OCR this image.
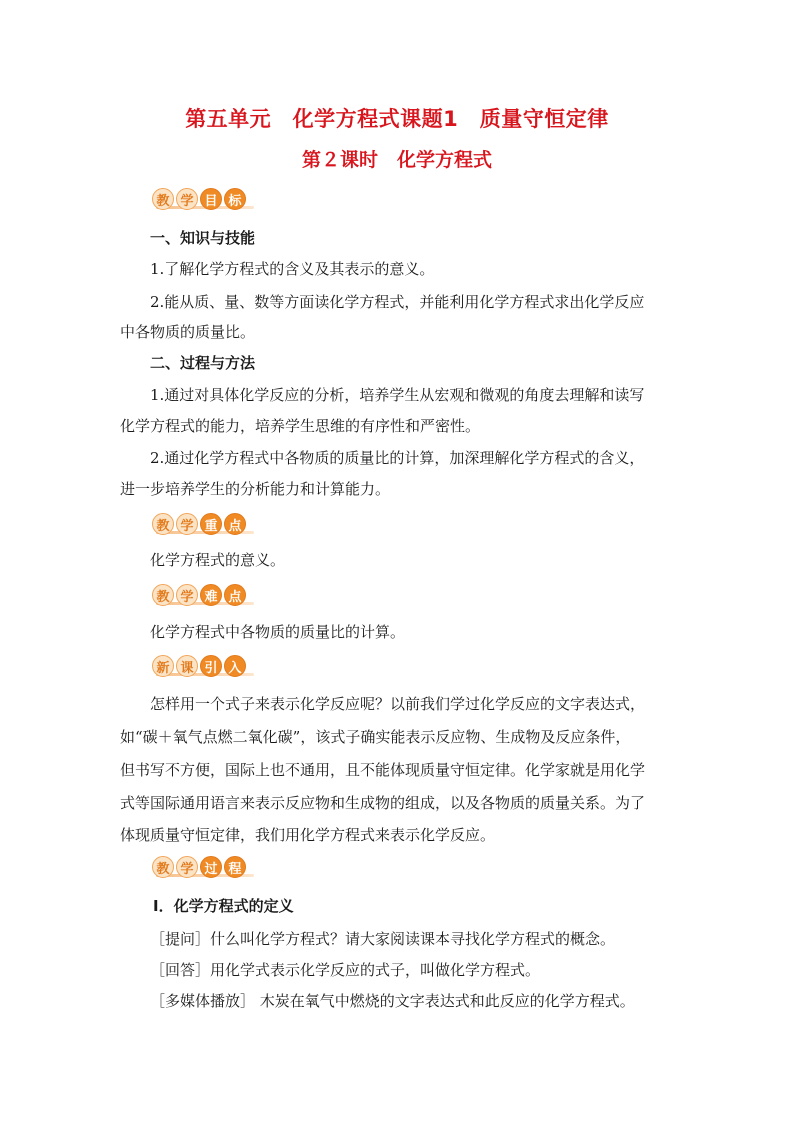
第五单元　化学方程式课题1　质量守恒定律
第２课时　化学方程式
教 学 目 标
一、知识与技能
1.了解化学方程式的含义及其表示的意义。
2.能从质、量、数等方面读化学方程式，并能利用化学方程式求出化学反应
中各物质的质量比。
二、过程与方法
1.通过对具体化学反应的分析，培养学生从宏观和微观的角度去理解和读写
化学方程式的能力，培养学生思维的有序性和严密性。
2.通过化学方程式中各物质的质量比的计算，加深理解化学方程式的含义，
进一步培养学生的分析能力和计算能力。
教 学 重 点
化学方程式的意义。
教 学 难 点
化学方程式中各物质的质量比的计算。
新 课 引 入
怎样用一个式子来表示化学反应呢？以前我们学过化学反应的文字表达式，
如“碳＋氧气点燃二氧化碳”，该式子确实能表示反应物、生成物及反应条件，
但书写不方便，国际上也不通用，且不能体现质量守恒定律。化学家就是用化学
式等国际通用语言来表示反应物和生成物的组成，以及各物质的质量关系。为了
体现质量守恒定律，我们用化学方程式来表示化学反应。
教 学 过 程
Ⅰ．化学方程式的定义
［提问］什么叫化学方程式？请大家阅读课本寻找化学方程式的概念。
［回答］用化学式表示化学反应的式子，叫做化学方程式。
［多媒体播放］ 木炭在氧气中燃烧的文字表达式和此反应的化学方程式。
